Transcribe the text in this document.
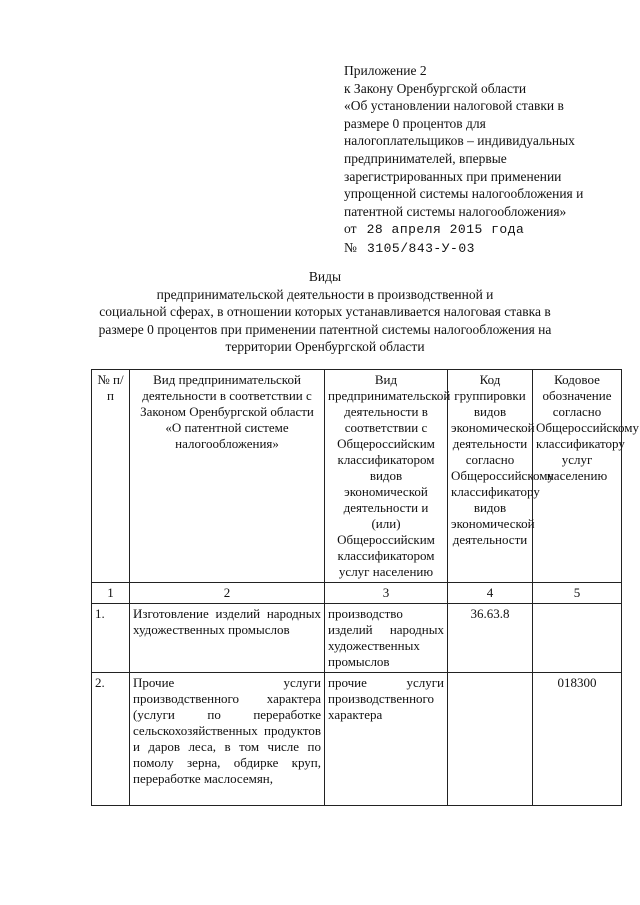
Приложение 2

к Закону Оренбургской области

«Об установлении налоговой ставки в

размере 0 процентов для

налогоплательщиков – индивидуальных

предпринимателей, впервые

зарегистрированных при применении

упрощенной системы налогообложения и

патентной системы налогообложения»

от 28 апреля 2015 года

№ 3105/843-У-03

Виды

предпринимательской деятельности в производственной и

социальной сферах, в отношении которых устанавливается налоговая ставка в

размере 0 процентов при применении патентной системы налогообложения на

территории Оренбургской области

№ п/п	Вид предпринимательской деятельности в соответствии с Законом Оренбургской области «О патентной системе налогообложения»	Вид предпринимательской деятельности в соответствии с Общероссийским классификатором видов экономической деятельности и (или) Общероссийским классификатором услуг населению	Код группировки видов экономической деятельности согласно Общероссийскому классификатору видов экономической деятельности	Кодовое обозначение согласно Общероссийскому классификатору услуг населению
1	2	3	4	5
1.	Изготовление изделий народных художественных промыслов	производство изделий народных художественных промыслов	36.63.8	
2.	Прочие услуги производственного характера (услуги по переработке сельскохозяйственных продуктов и даров леса, в том числе по помолу зерна, обдирке круп, переработке маслосемян,	прочие услуги производственного характера		018300
